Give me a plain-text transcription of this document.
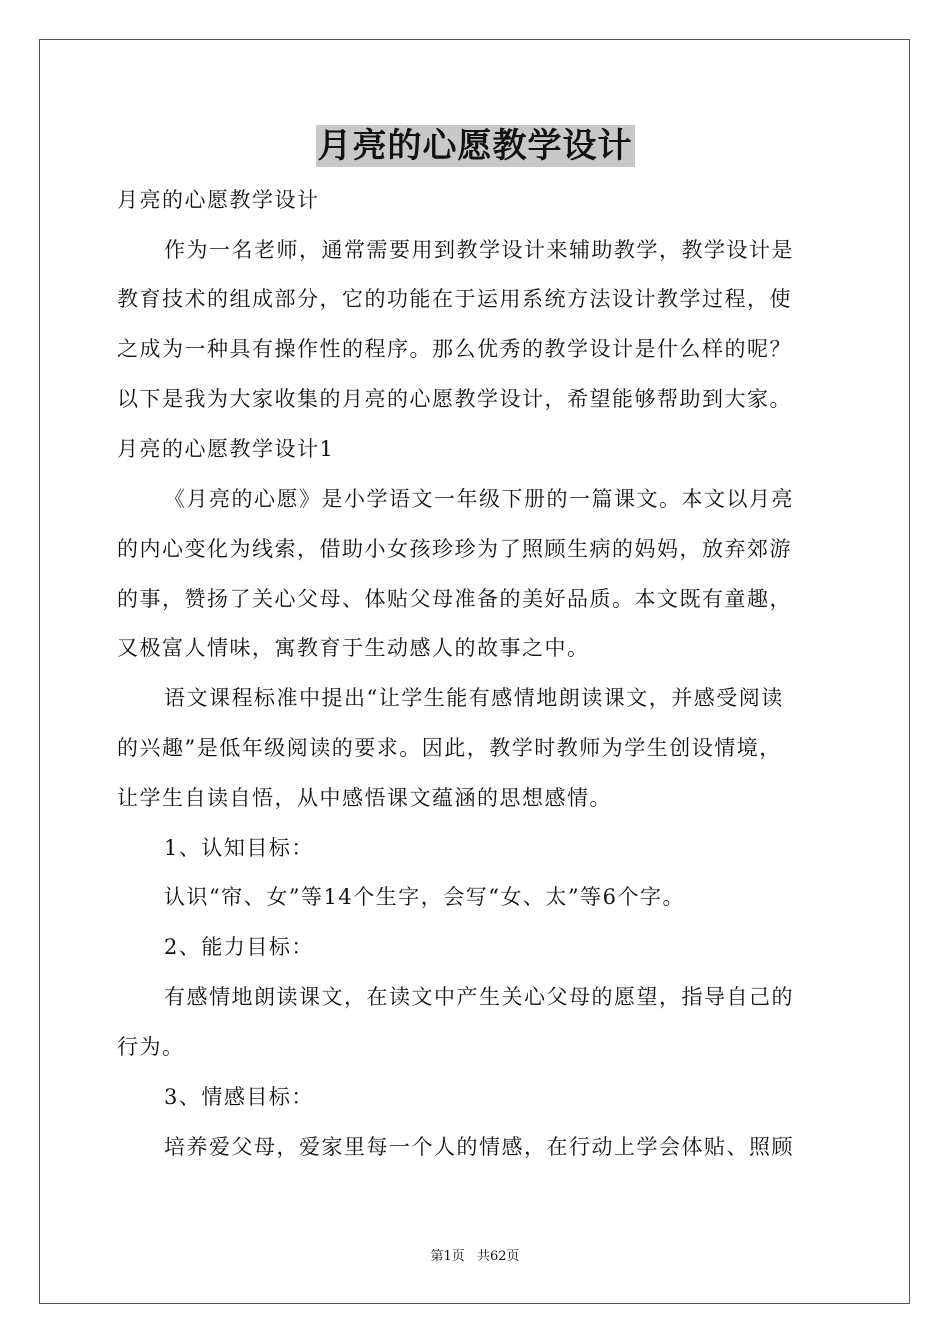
月亮的心愿教学设计
月亮的心愿教学设计
作为一名老师，通常需要用到教学设计来辅助教学，教学设计是
教育技术的组成部分，它的功能在于运用系统方法设计教学过程，使
之成为一种具有操作性的程序。那么优秀的教学设计是什么样的呢？
以下是我为大家收集的月亮的心愿教学设计，希望能够帮助到大家。
月亮的心愿教学设计1
《月亮的心愿》是小学语文一年级下册的一篇课文。本文以月亮
的内心变化为线索，借助小女孩珍珍为了照顾生病的妈妈，放弃郊游
的事，赞扬了关心父母、体贴父母准备的美好品质。本文既有童趣，
又极富人情味，寓教育于生动感人的故事之中。
语文课程标准中提出“让学生能有感情地朗读课文，并感受阅读
的兴趣”是低年级阅读的要求。因此，教学时教师为学生创设情境，
让学生自读自悟，从中感悟课文蕴涵的思想感情。
1、认知目标：
认识“帘、女”等14个生字，会写“女、太”等6个字。
2、能力目标：
有感情地朗读课文，在读文中产生关心父母的愿望，指导自己的
行为。
3、情感目标：
培养爱父母，爱家里每一个人的情感，在行动上学会体贴、照顾
第1页 共62页
